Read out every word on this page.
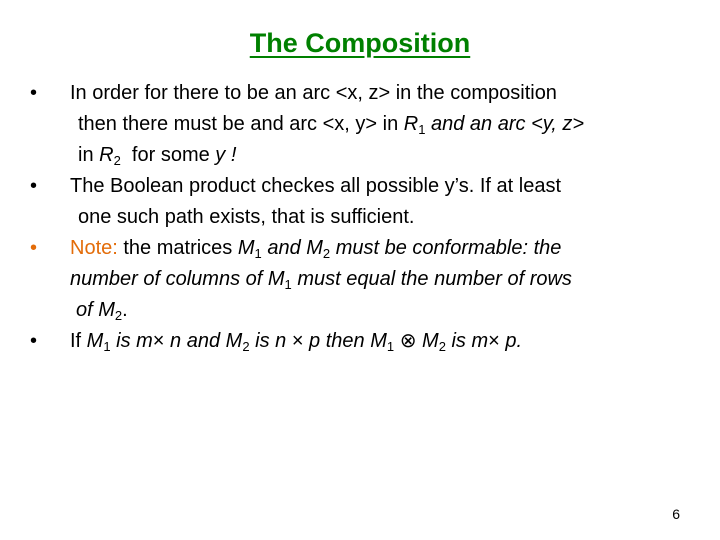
The Composition
•	In order for there to be an arc <x, z> in the composition
then there must be and arc <x, y> in $R_1$ and an arc <y, z>
in $R_2$  for some y !
•	The Boolean product checkes all possible y’s. If at least
one such path exists, that is sufficient.
•	Note: the matrices $M_1$ and $M_2$ must be conformable: the
number of columns of $M_1$ must equal the number of rows
of $M_2$.
•	If $M_1$ is m× n and $M_2$ is n × p then $M_1$ ⊗ $M_2$ is m× p.
6
